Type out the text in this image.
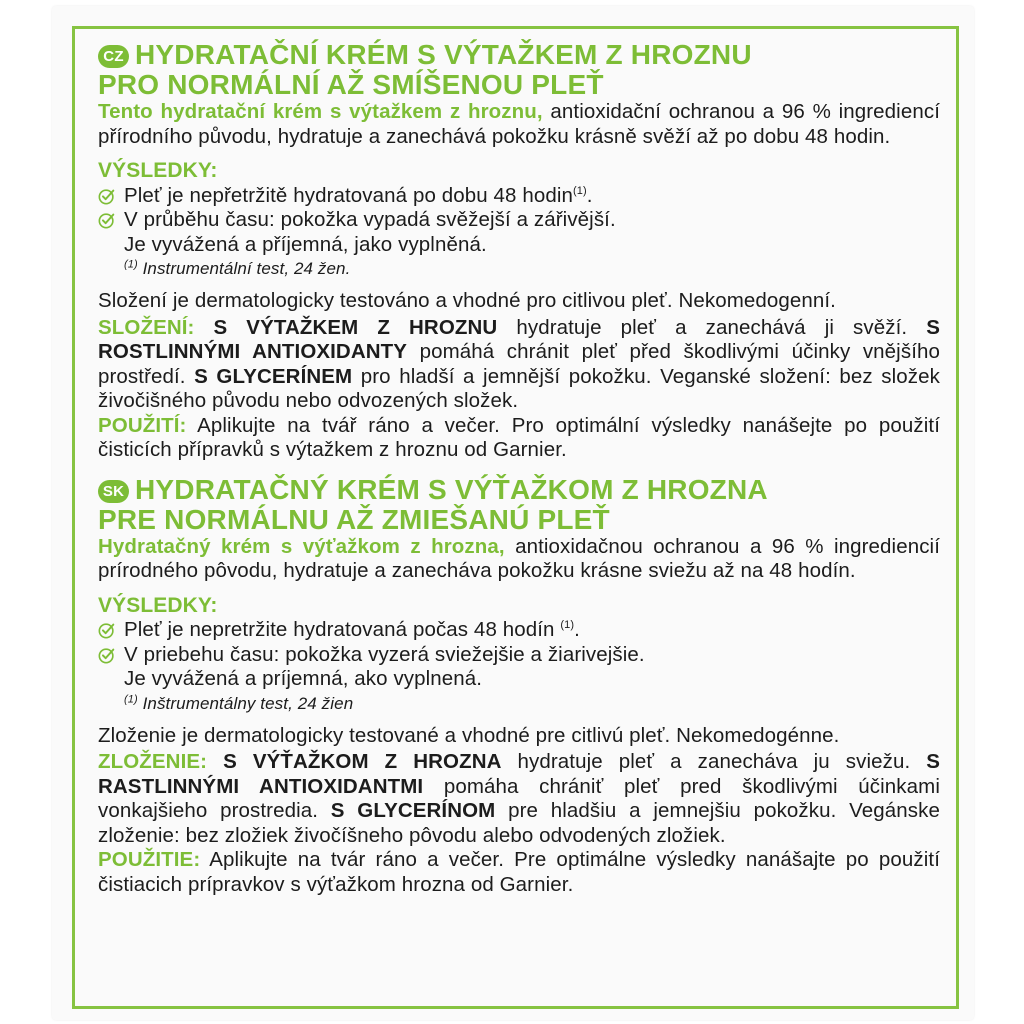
CZ HYDRATAČNÍ KRÉM S VÝTAŽKEM Z HROZNU
PRO NORMÁLNÍ AŽ SMÍŠENOU PLEŤ
Tento hydratační krém s výtažkem z hroznu, antioxidační ochranou a 96 % ingrediencí přírodního původu, hydratuje a zanechává pokožku krásně svěží až po dobu 48 hodin.
VÝSLEDKY:
Pleť je nepřetržitě hydratovaná po dobu 48 hodin$^{(1)}$.
V průběhu času: pokožka vypadá svěžejší a zářivější.
Je vyvážená a příjemná, jako vyplněná.
$^{(1)}$ Instrumentální test, 24 žen.
Složení je dermatologicky testováno a vhodné pro citlivou pleť. Nekomedogenní.
SLOŽENÍ: S VÝTAŽKEM Z HROZNU hydratuje pleť a zanechává ji svěží. S ROSTLINNÝMI ANTIOXIDANTY pomáhá chránit pleť před škodlivými účinky vnějšího prostředí. S GLYCERÍNEM pro hladší a jemnější pokožku. Veganské složení: bez složek živočišného původu nebo odvozených složek.
POUŽITÍ: Aplikujte na tvář ráno a večer. Pro optimální výsledky nanášejte po použití čisticích přípravků s výtažkem z hroznu od Garnier.
SK HYDRATAČNÝ KRÉM S VÝŤAŽKOM Z HROZNA
PRE NORMÁLNU AŽ ZMIEŠANÚ PLEŤ
Hydratačný krém s výťažkom z hrozna, antioxidačnou ochranou a 96 % ingrediencií prírodného pôvodu, hydratuje a zanecháva pokožku krásne sviežu až na 48 hodín.
VÝSLEDKY:
Pleť je nepretržite hydratovaná počas 48 hodín $^{(1)}$.
V priebehu času: pokožka vyzerá sviežejšie a žiarivejšie.
Je vyvážená a príjemná, ako vyplnená.
$^{(1)}$ Inštrumentálny test, 24 žien
Zloženie je dermatologicky testované a vhodné pre citlivú pleť. Nekomedogénne.
ZLOŽENIE: S VÝŤAŽKOM Z HROZNA hydratuje pleť a zanecháva ju sviežu. S RASTLINNÝMI ANTIOXIDANTMI pomáha chrániť pleť pred škodlivými účinkami vonkajšieho prostredia. S GLYCERÍNOM pre hladšiu a jemnejšiu pokožku. Vegánske zloženie: bez zložiek živočíšneho pôvodu alebo odvodených zložiek.
POUŽITIE: Aplikujte na tvár ráno a večer. Pre optimálne výsledky nanášajte po použití čistiacich prípravkov s výťažkom hrozna od Garnier.
